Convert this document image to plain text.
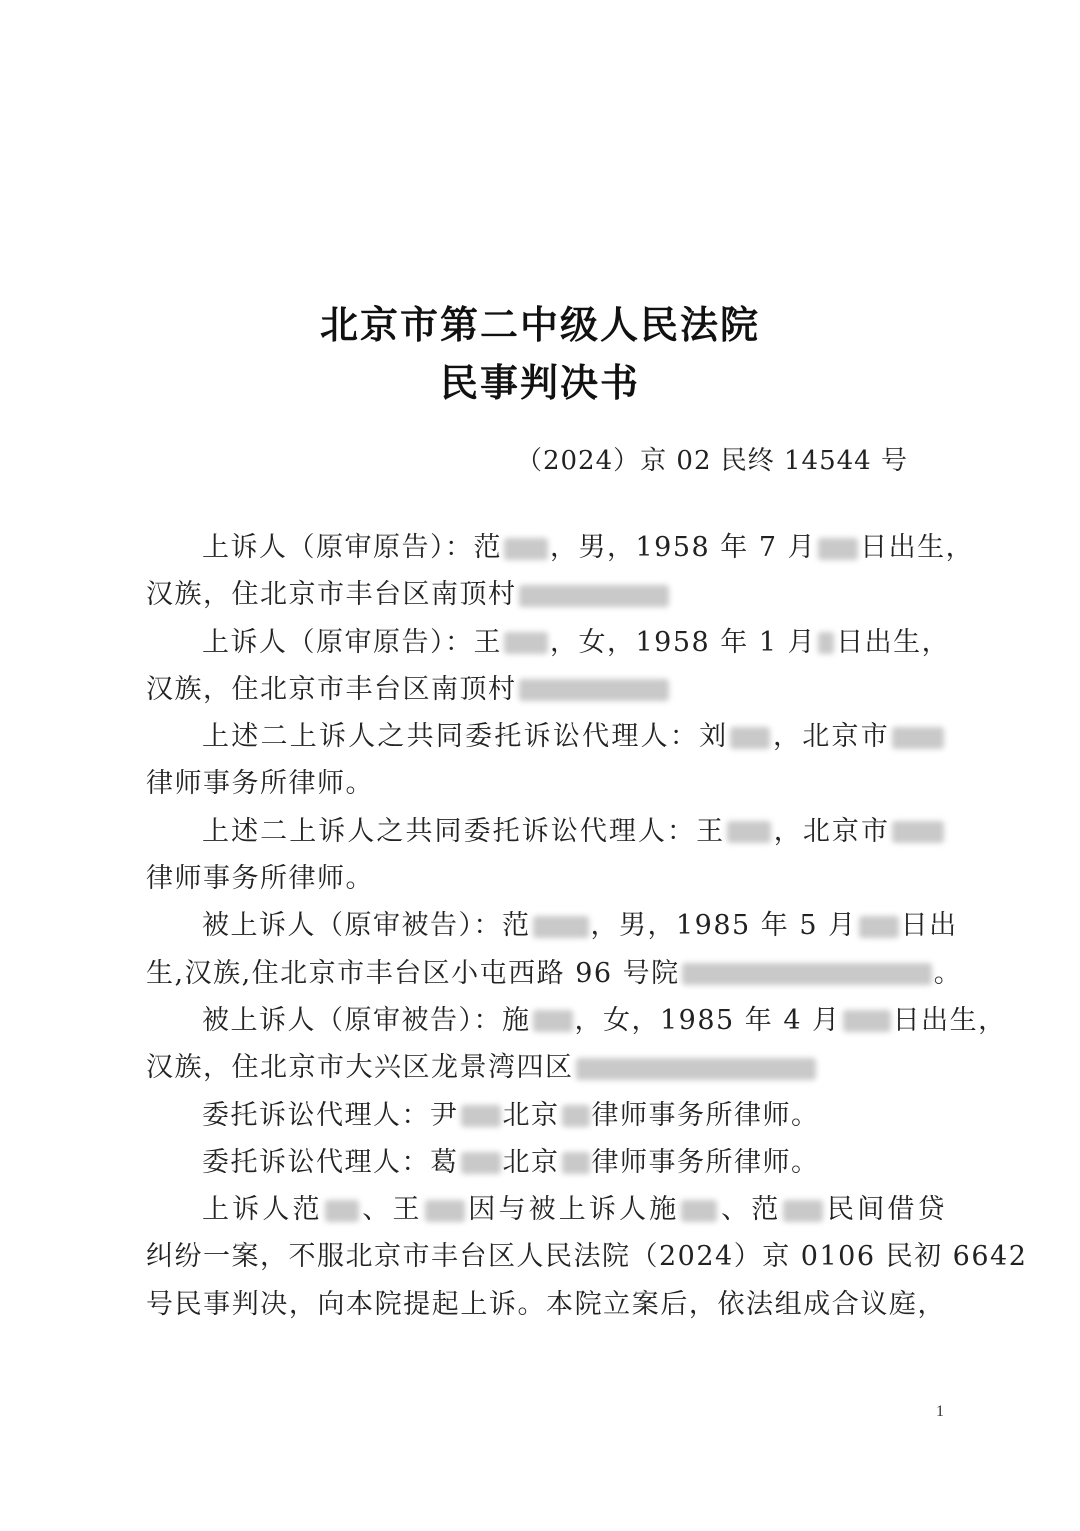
北京市第二中级人民法院
民事判决书
（2024）京 02 民终 14544 号
上诉人（原审原告）：范 ，男，1958 年 7 月 日出生，
汉族，住北京市丰台区南顶村
上诉人（原审原告）：王 ，女，1958 年 1 月 日出生，
汉族，住北京市丰台区南顶村
上述二上诉人之共同委托诉讼代理人：刘 ，北京市
律师事务所律师。
上述二上诉人之共同委托诉讼代理人：王 ，北京市
律师事务所律师。
被上诉人（原审被告）：范 ，男，1985 年 5 月 日出
生,汉族,住北京市丰台区小屯西路 96 号院	。
被上诉人（原审被告）：施 ，女，1985 年 4 月 日出生，
汉族，住北京市大兴区龙景湾四区
委托诉讼代理人：尹 北京 律师事务所律师。
委托诉讼代理人：葛 北京 律师事务所律师。
上诉人范 、王 因与被上诉人施 、范 民间借贷
纠纷一案，不服北京市丰台区人民法院（2024）京 0106 民初 6642
号民事判决，向本院提起上诉。本院立案后，依法组成合议庭，
1
